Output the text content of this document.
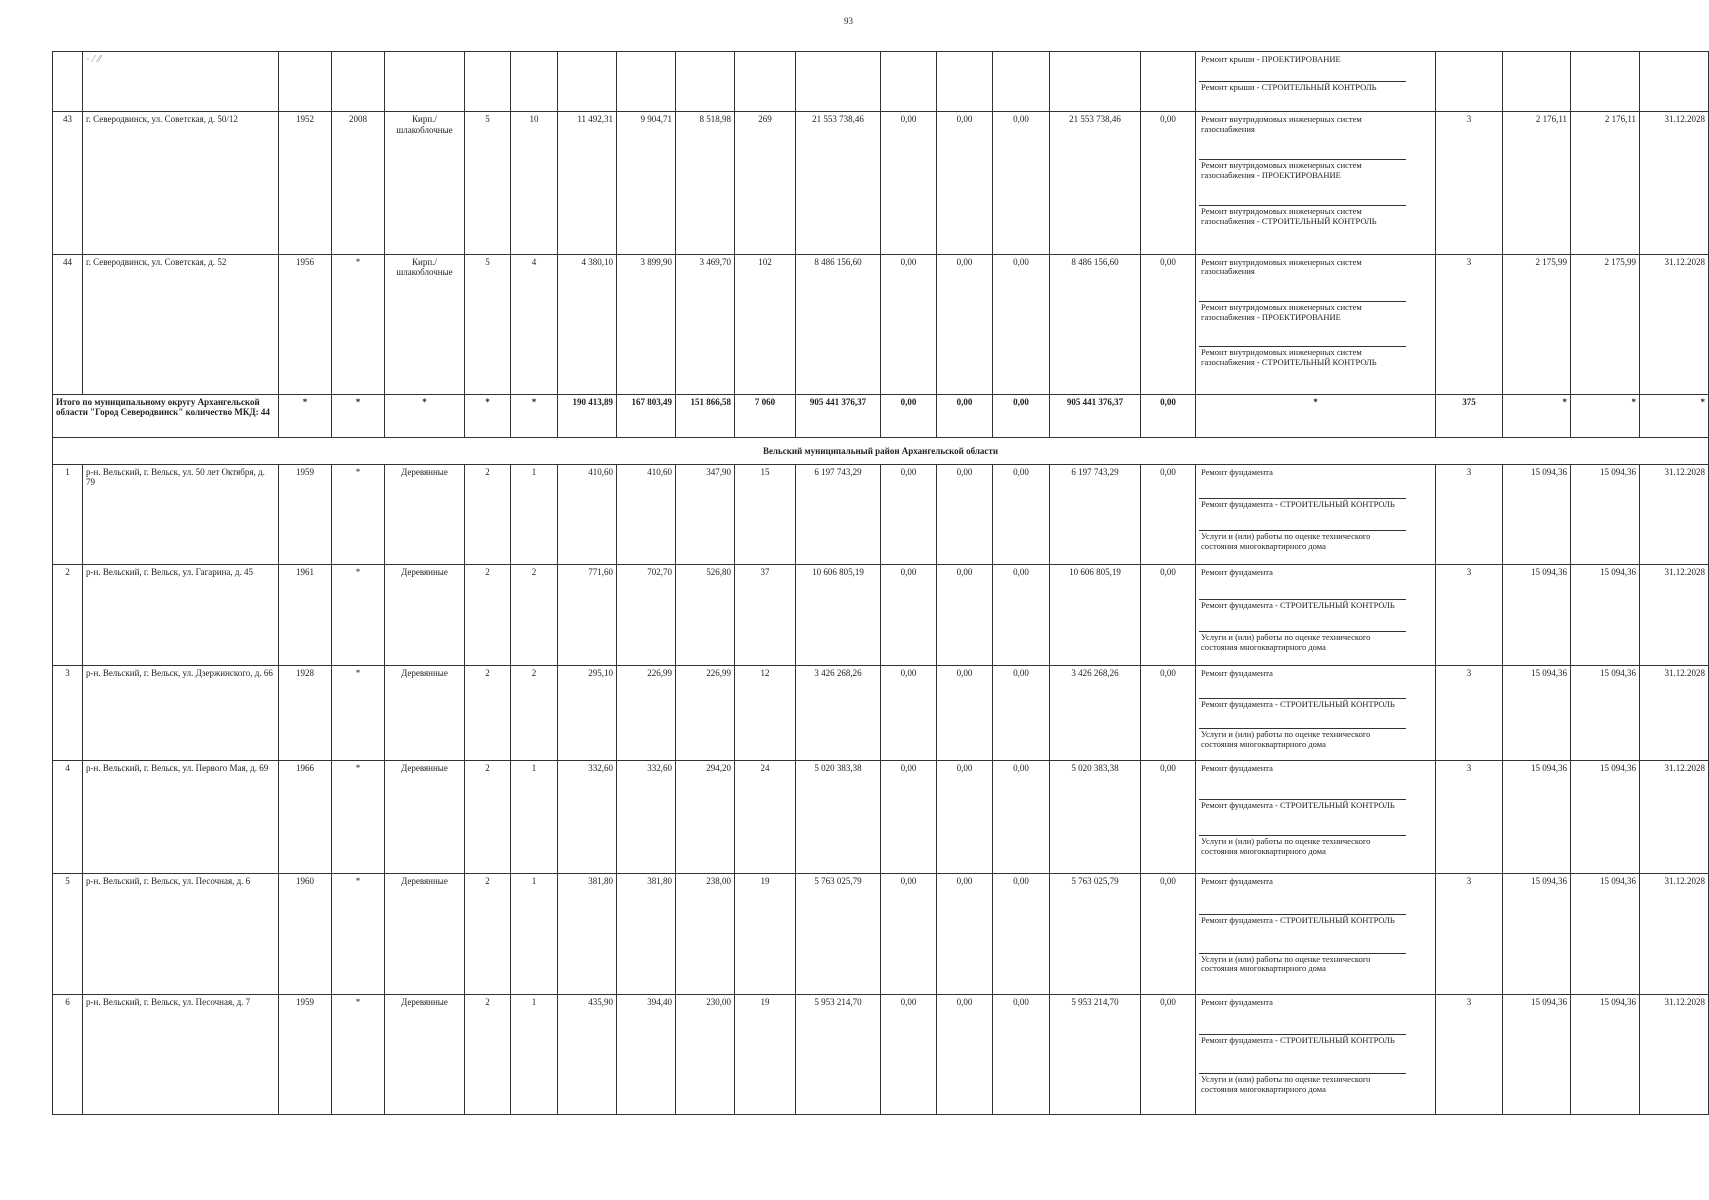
93
	- ⁄ ⁄⁄																Ремонт крыши - ПРОЕКТИРОВАНИЕ
Ремонт крыши - СТРОИТЕЛЬНЫЙ КОНТРОЛЬ				

43	г. Северодвинск, ул. Советская, д. 50/12	1952	2008	Кирп./ шлакоблочные	5	10	11 492,31	9 904,71	8 518,98	269	21 553 738,46	0,00	0,00	0,00	21 553 738,46	0,00	Ремонт внутридомовых инженерных систем газоснабжения
Ремонт внутридомовых инженерных систем газоснабжения - ПРОЕКТИРОВАНИЕ
Ремонт внутридомовых инженерных систем газоснабжения - СТРОИТЕЛЬНЫЙ КОНТРОЛЬ	3	2 176,11	2 176,11	31.12.2028
44	г. Северодвинск, ул. Советская, д. 52	1956	*	Кирп./ шлакоблочные	5	4	4 380,10	3 899,90	3 469,70	102	8 486 156,60	0,00	0,00	0,00	8 486 156,60	0,00	Ремонт внутридомовых инженерных систем газоснабжения
Ремонт внутридомовых инженерных систем газоснабжения - ПРОЕКТИРОВАНИЕ
Ремонт внутридомовых инженерных систем газоснабжения - СТРОИТЕЛЬНЫЙ КОНТРОЛЬ	3	2 175,99	2 175,99	31.12.2028
Итого по муниципальному округу Архангельской области "Город Северодвинск" количество МКД: 44		*	*	*	*	*	190 413,89	167 803,49	151 866,58	7 060	905 441 376,37	0,00	0,00	0,00	905 441 376,37	0,00	*	375	*	*	*
Вельский муниципальный район Архангельской области																					
1	р-н. Вельский, г. Вельск, ул. 50 лет Октября, д. 79	1959	*	Деревянные	2	1	410,60	410,60	347,90	15	6 197 743,29	0,00	0,00	0,00	6 197 743,29	0,00	Ремонт фундамента
Ремонт фундамента - СТРОИТЕЛЬНЫЙ КОНТРОЛЬ
Услуги и (или) работы по оценке технического состояния многоквартирного дома	3	15 094,36	15 094,36	31.12.2028
2	р-н. Вельский, г. Вельск, ул. Гагарина, д. 45	1961	*	Деревянные	2	2	771,60	702,70	526,80	37	10 606 805,19	0,00	0,00	0,00	10 606 805,19	0,00	Ремонт фундамента
Ремонт фундамента - СТРОИТЕЛЬНЫЙ КОНТРОЛЬ
Услуги и (или) работы по оценке технического состояния многоквартирного дома	3	15 094,36	15 094,36	31.12.2028
3	р-н. Вельский, г. Вельск, ул. Дзержинского, д. 66	1928	*	Деревянные	2	2	295,10	226,99	226,99	12	3 426 268,26	0,00	0,00	0,00	3 426 268,26	0,00	Ремонт фундамента
Ремонт фундамента - СТРОИТЕЛЬНЫЙ КОНТРОЛЬ
Услуги и (или) работы по оценке технического состояния многоквартирного дома	3	15 094,36	15 094,36	31.12.2028
4	р-н. Вельский, г. Вельск, ул. Первого Мая, д. 69	1966	*	Деревянные	2	1	332,60	332,60	294,20	24	5 020 383,38	0,00	0,00	0,00	5 020 383,38	0,00	Ремонт фундамента
Ремонт фундамента - СТРОИТЕЛЬНЫЙ КОНТРОЛЬ
Услуги и (или) работы по оценке технического состояния многоквартирного дома	3	15 094,36	15 094,36	31.12.2028
5	р-н. Вельский, г. Вельск, ул. Песочная, д. 6	1960	*	Деревянные	2	1	381,80	381,80	238,00	19	5 763 025,79	0,00	0,00	0,00	5 763 025,79	0,00	Ремонт фундамента
Ремонт фундамента - СТРОИТЕЛЬНЫЙ КОНТРОЛЬ
Услуги и (или) работы по оценке технического состояния многоквартирного дома	3	15 094,36	15 094,36	31.12.2028
6	р-н. Вельский, г. Вельск, ул. Песочная, д. 7	1959	*	Деревянные	2	1	435,90	394,40	230,00	19	5 953 214,70	0,00	0,00	0,00	5 953 214,70	0,00	Ремонт фундамента
Ремонт фундамента - СТРОИТЕЛЬНЫЙ КОНТРОЛЬ
Услуги и (или) работы по оценке технического состояния многоквартирного дома	3	15 094,36	15 094,36	31.12.2028
